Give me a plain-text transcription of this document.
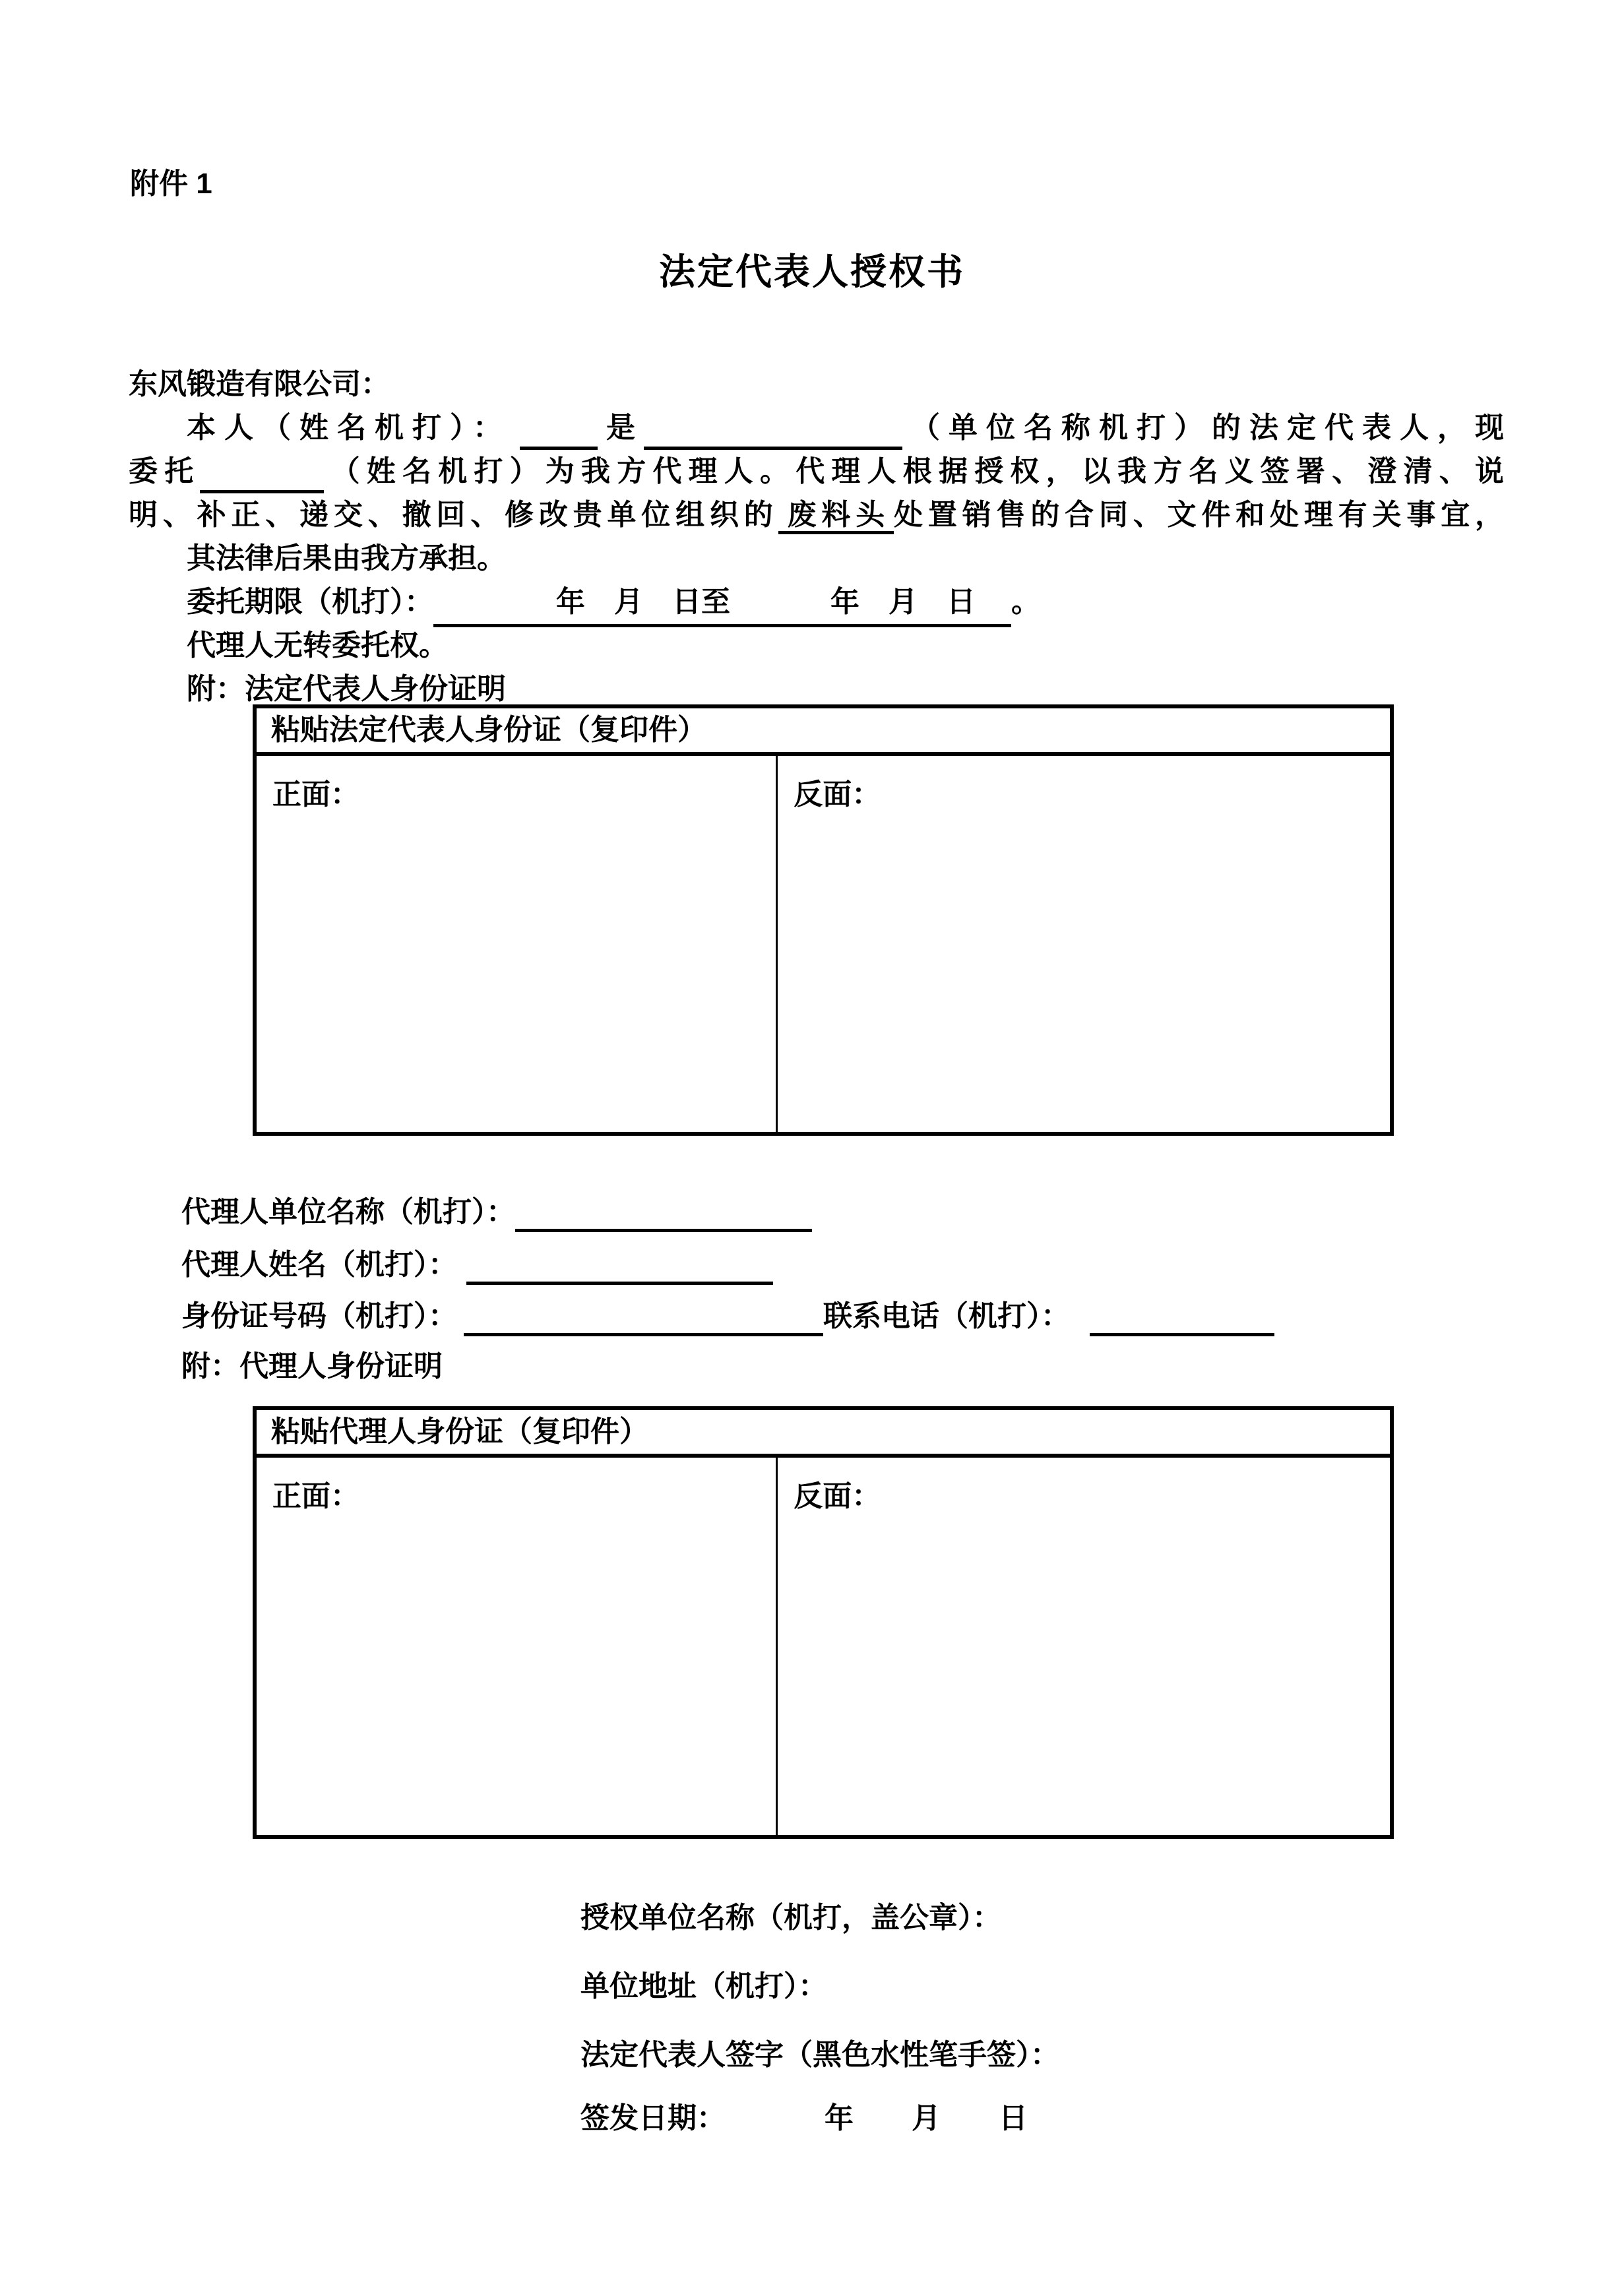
附件 1
法定代表人授权书
东风锻造有限公司：
本人（姓名机打）：	是	（单位名称机打）的法定代表人，现
委托	（姓名机打）为我方代理人。代理人根据授权，以我方名义签署、澄清、说
明、补正、递交、撤回、修改贵单位组织的 废料头 处置销售的合同、文件和处理有关事宜，
其法律后果由我方承担。
委托期限（机打）：　　年　月　日至　年　月　日　。
代理人无转委托权。
附：法定代表人身份证明
粘贴法定代表人身份证（复印件）
正面：	反面：
代理人单位名称（机打）：
代理人姓名（机打）：
身份证号码（机打）：	联系电话（机打）：
附：代理人身份证明
粘贴代理人身份证（复印件）
正面：	反面：
授权单位名称（机打，盖公章）：
单位地址（机打）：
法定代表人签字（黑色水性笔手签）：
签发日期：	年　　月　　日
